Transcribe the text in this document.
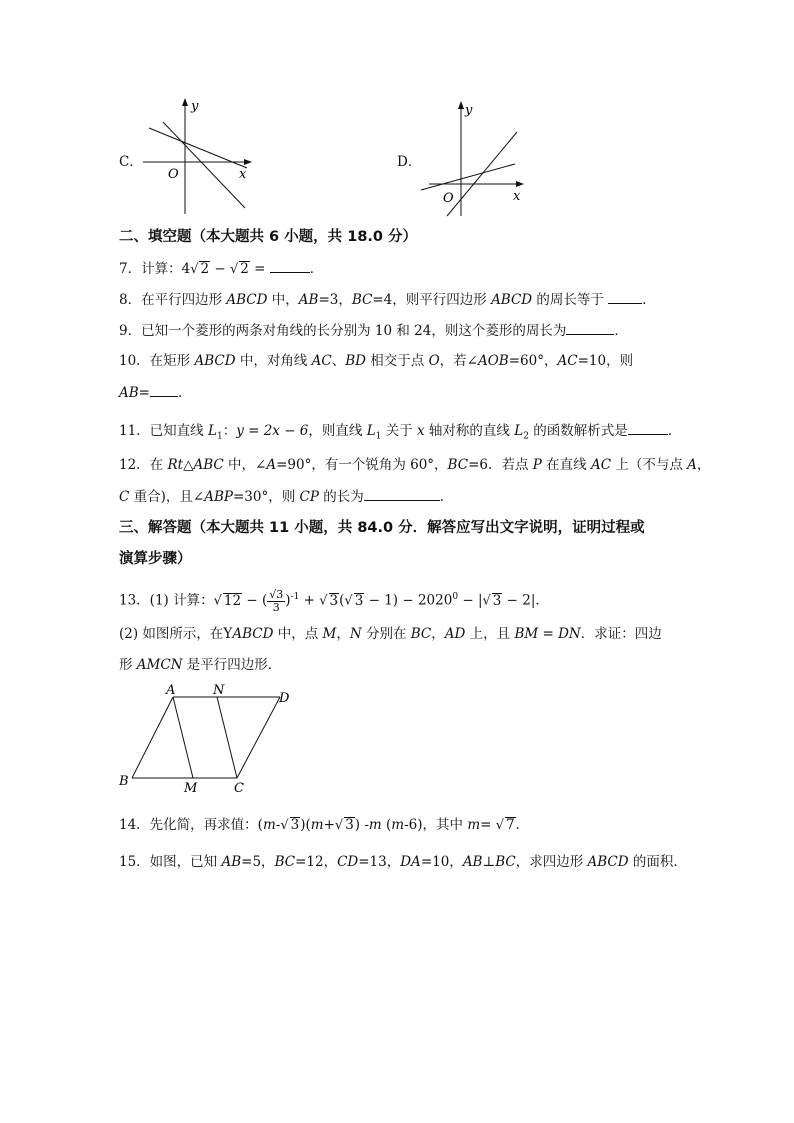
C．
y
x
O
D．
y
x
O
二、填空题（本大题共 6 小题，共 18.0 分）
7．计算：4√ 2 − √ 2 =	．
8．在平行四边形 ABCD 中，AB=3，BC=4，则平行四边形 ABCD 的周长等于	．
9．已知一个菱形的两条对角线的长分别为 10 和 24，则这个菱形的周长为	．
10．在矩形 ABCD 中，对角线 AC、BD 相交于点 O，若∠AOB=60°，AC=10，则
AB= ．
11．已知直线 $L_1$：y = 2x − 6，则直线 $L_1$ 关于 x 轴对称的直线 $L_2$ 的函数解析式是	．
12．在 Rt△ABC 中，∠A=90°，有一个锐角为 60°，BC=6．若点 P 在直线 AC 上（不与点 A，
C 重合)，且∠ABP=30°，则 CP 的长为	．
三、解答题（本大题共 11 小题，共 84.0 分．解答应写出文字说明，证明过程或
演算步骤）
13．(1) 计算：√ 12 − ( $\frac{√3}{3} )^{-1}$ + √ 3(√ $3 - 1) - 2020^0$ − |√ 3 − 2|．
(2) 如图所示，在YABCD 中，点 M，N 分别在 BC，AD 上，且 BM = DN．求证：四边
形 AMCN 是平行四边形．
A	N
D
B	M	C
14．先化简，再求值：(m-√ 3)(m+√ 3) -m (m-6)，其中 m= √ 7．
15．如图，已知 AB=5，BC=12，CD=13，DA=10，AB⊥BC，求四边形 ABCD 的面积．
